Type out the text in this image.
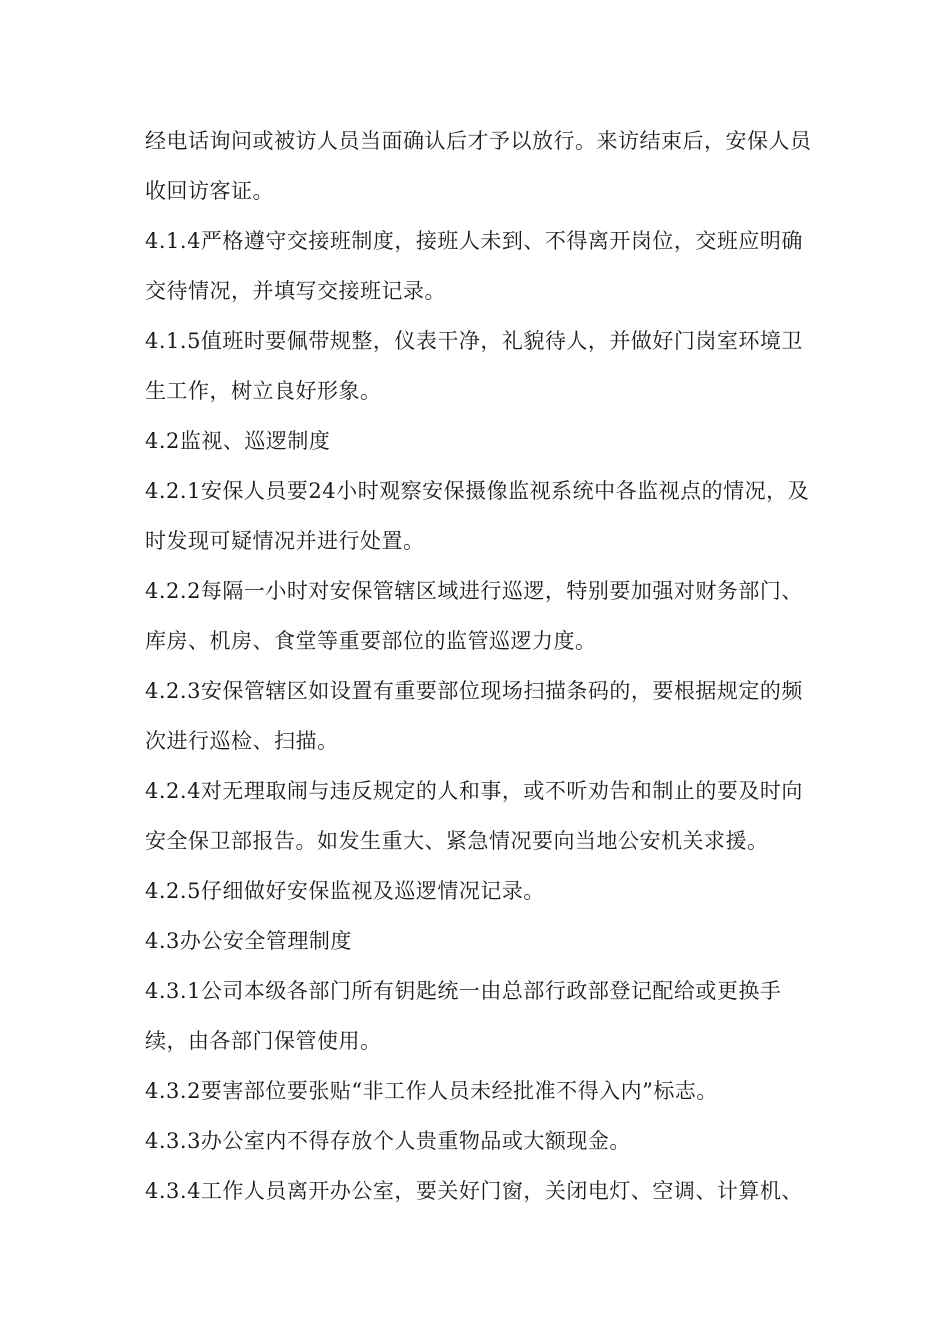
经电话询问或被访人员当面确认后才予以放行。来访结束后，安保人员
收回访客证。
4.1.4严格遵守交接班制度，接班人未到、不得离开岗位，交班应明确
交待情况，并填写交接班记录。
4.1.5值班时要佩带规整，仪表干净，礼貌待人，并做好门岗室环境卫
生工作，树立良好形象。
4.2监视、巡逻制度
4.2.1安保人员要24小时观察安保摄像监视系统中各监视点的情况，及
时发现可疑情况并进行处置。
4.2.2每隔一小时对安保管辖区域进行巡逻，特别要加强对财务部门、
库房、机房、食堂等重要部位的监管巡逻力度。
4.2.3安保管辖区如设置有重要部位现场扫描条码的，要根据规定的频
次进行巡检、扫描。
4.2.4对无理取闹与违反规定的人和事，或不听劝告和制止的要及时向
安全保卫部报告。如发生重大、紧急情况要向当地公安机关求援。
4.2.5仔细做好安保监视及巡逻情况记录。
4.3办公安全管理制度
4.3.1公司本级各部门所有钥匙统一由总部行政部登记配给或更换手
续，由各部门保管使用。
4.3.2要害部位要张贴“非工作人员未经批准不得入内”标志。
4.3.3办公室内不得存放个人贵重物品或大额现金。
4.3.4工作人员离开办公室，要关好门窗，关闭电灯、空调、计算机、
